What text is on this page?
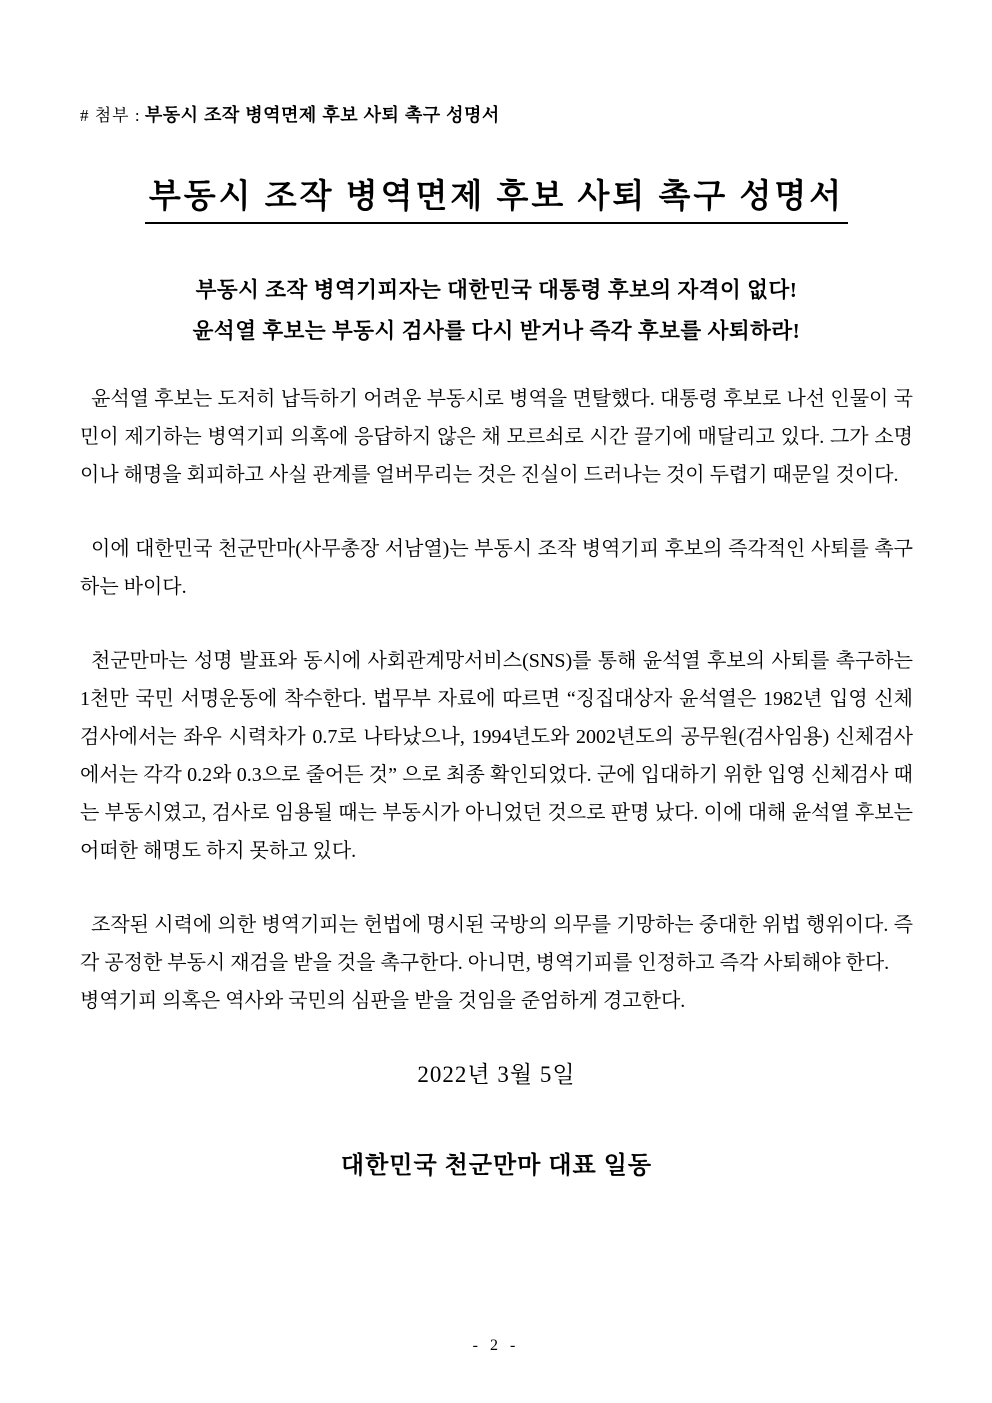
# 첨부 : 부동시 조작 병역면제 후보 사퇴 촉구 성명서
부동시 조작 병역면제 후보 사퇴 촉구 성명서
부동시 조작 병역기피자는 대한민국 대통령 후보의 자격이 없다!
윤석열 후보는 부동시 검사를 다시 받거나 즉각 후보를 사퇴하라!

윤석열 후보는 도저히 납득하기 어려운 부동시로 병역을 면탈했다. 대통령 후보로 나선 인물이 국민이 제기하는 병역기피 의혹에 응답하지 않은 채 모르쇠로 시간 끌기에 매달리고 있다. 그가 소명이나 해명을 회피하고 사실 관계를 얼버무리는 것은 진실이 드러나는 것이 두렵기 때문일 것이다.

이에 대한민국 천군만마(사무총장 서남열)는 부동시 조작 병역기피 후보의 즉각적인 사퇴를 촉구하는 바이다.

천군만마는 성명 발표와 동시에 사회관계망서비스(SNS)를 통해 윤석열 후보의 사퇴를 촉구하는 1천만 국민 서명운동에 착수한다. 법무부 자료에 따르면 “징집대상자 윤석열은 1982년 입영 신체검사에서는 좌우 시력차가 0.7로 나타났으나, 1994년도와 2002년도의 공무원(검사임용) 신체검사에서는 각각 0.2와 0.3으로 줄어든 것” 으로 최종 확인되었다. 군에 입대하기 위한 입영 신체검사 때는 부동시였고, 검사로 임용될 때는 부동시가 아니었던 것으로 판명 났다. 이에 대해 윤석열 후보는 어떠한 해명도 하지 못하고 있다.

조작된 시력에 의한 병역기피는 헌법에 명시된 국방의 의무를 기망하는 중대한 위법 행위이다. 즉각 공정한 부동시 재검을 받을 것을 촉구한다. 아니면, 병역기피를 인정하고 즉각 사퇴해야 한다.

병역기피 의혹은 역사와 국민의 심판을 받을 것임을 준엄하게 경고한다.

2022년 3월 5일
대한민국 천군만마 대표 일동
- 2 -
